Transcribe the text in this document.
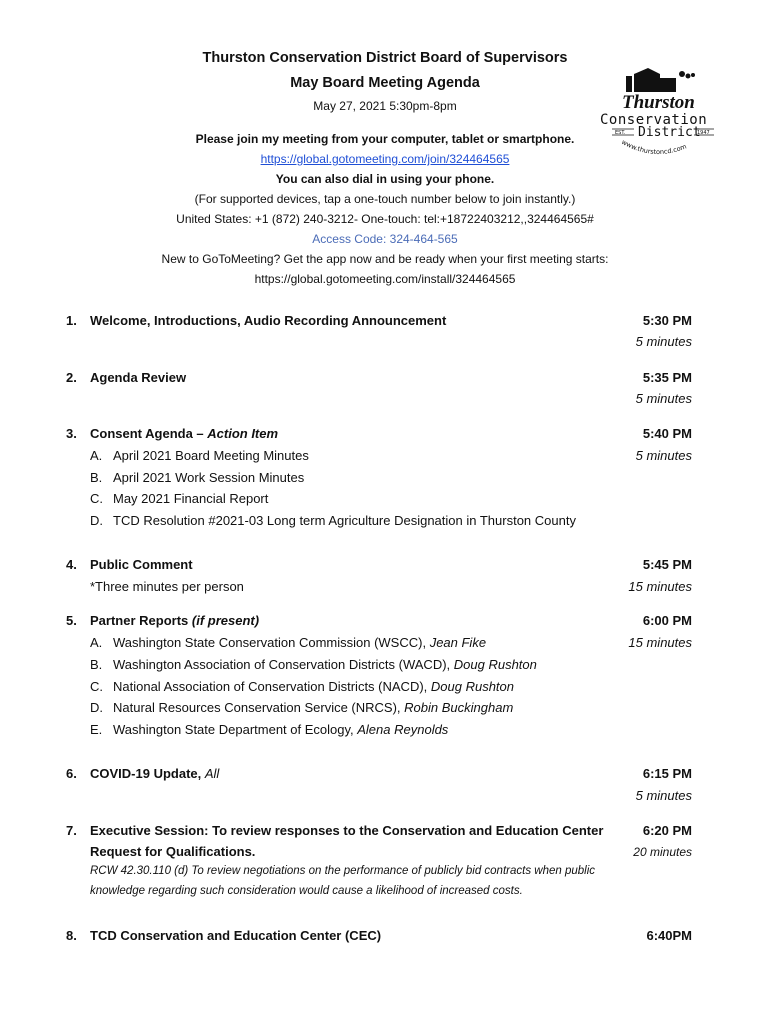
Thurston Conservation District Board of Supervisors
May Board Meeting Agenda
May 27, 2021 5:30pm-8pm
Please join my meeting from your computer, tablet or smartphone.
https://global.gotomeeting.com/join/324464565
You can also dial in using your phone.
(For supported devices, tap a one-touch number below to join instantly.)
United States: +1 (872) 240-3212- One-touch: tel:+18722403212,,324464565#
Access Code: 324-464-565
New to GoToMeeting? Get the app now and be ready when your first meeting starts:
https://global.gotomeeting.com/install/324464565
Thurston
Conservation
EST. District
1947
www.thurstoncd.com
1. Welcome, Introductions, Audio Recording Announcement	5:30 PM
5 minutes
2. Agenda Review	5:35 PM
5 minutes
3. Consent Agenda – Action Item	5:40 PM
5 minutes
A. April 2021 Board Meeting Minutes
B. April 2021 Work Session Minutes
C. May 2021 Financial Report
D. TCD Resolution #2021-03 Long term Agriculture Designation in Thurston County
4. Public Comment	5:45 PM
*Three minutes per person	15 minutes
5. Partner Reports (if present)	6:00 PM
15 minutes
A. Washington State Conservation Commission (WSCC), Jean Fike
B. Washington Association of Conservation Districts (WACD), Doug Rushton
C. National Association of Conservation Districts (NACD), Doug Rushton
D. Natural Resources Conservation Service (NRCS), Robin Buckingham
E. Washington State Department of Ecology, Alena Reynolds
6. COVID-19 Update, All	6:15 PM
5 minutes
7. Executive Session: To review responses to the Conservation and Education Center	6:20 PM
Request for Qualifications.	20 minutes
RCW 42.30.110 (d) To review negotiations on the performance of publicly bid contracts when public
knowledge regarding such consideration would cause a likelihood of increased costs.
8. TCD Conservation and Education Center (CEC)	6:40PM
